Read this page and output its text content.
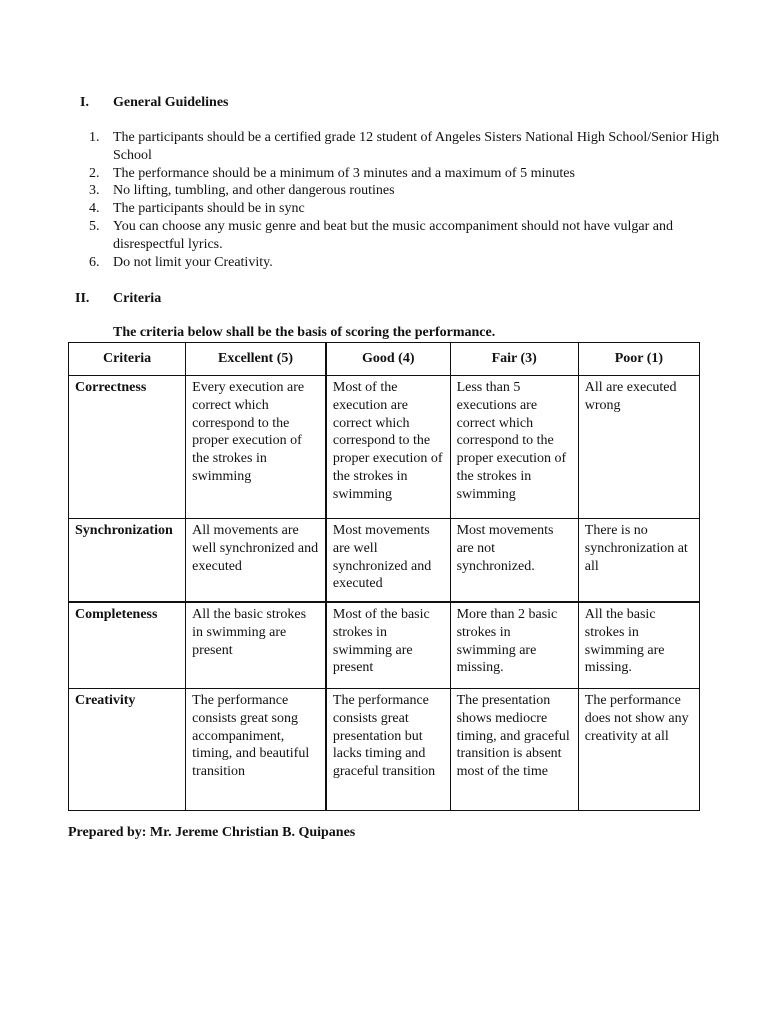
I. General Guidelines
1. The participants should be a certified grade 12 student of Angeles Sisters National High School/Senior High School
2. The performance should be a minimum of 3 minutes and a maximum of 5 minutes
3. No lifting, tumbling, and other dangerous routines
4. The participants should be in sync
5. You can choose any music genre and beat but the music accompaniment should not have vulgar and disrespectful lyrics.
6. Do not limit your Creativity.
II. Criteria
The criteria below shall be the basis of scoring the performance.
Criteria	Excellent (5)	Good (4)	Fair (3)	Poor (1)
Correctness	Every execution are correct which correspond to the proper execution of the strokes in swimming	Most of the execution are correct which correspond to the proper execution of the strokes in swimming	Less than 5 executions are correct which correspond to the proper execution of the strokes in swimming	All are executed wrong
Synchronization	All movements are well synchronized and executed	Most movements are well synchronized and executed	Most movements are not synchronized.	There is no synchronization at all
Completeness	All the basic strokes in swimming are present	Most of the basic strokes in swimming are present	More than 2 basic strokes in swimming are missing.	All the basic strokes in swimming are missing.
Creativity	The performance consists great song accompaniment, timing, and beautiful transition	The performance consists great presentation but lacks timing and graceful transition	The presentation shows mediocre timing, and graceful transition is absent most of the time	The performance does not show any creativity at all
Prepared by: Mr. Jereme Christian B. Quipanes
